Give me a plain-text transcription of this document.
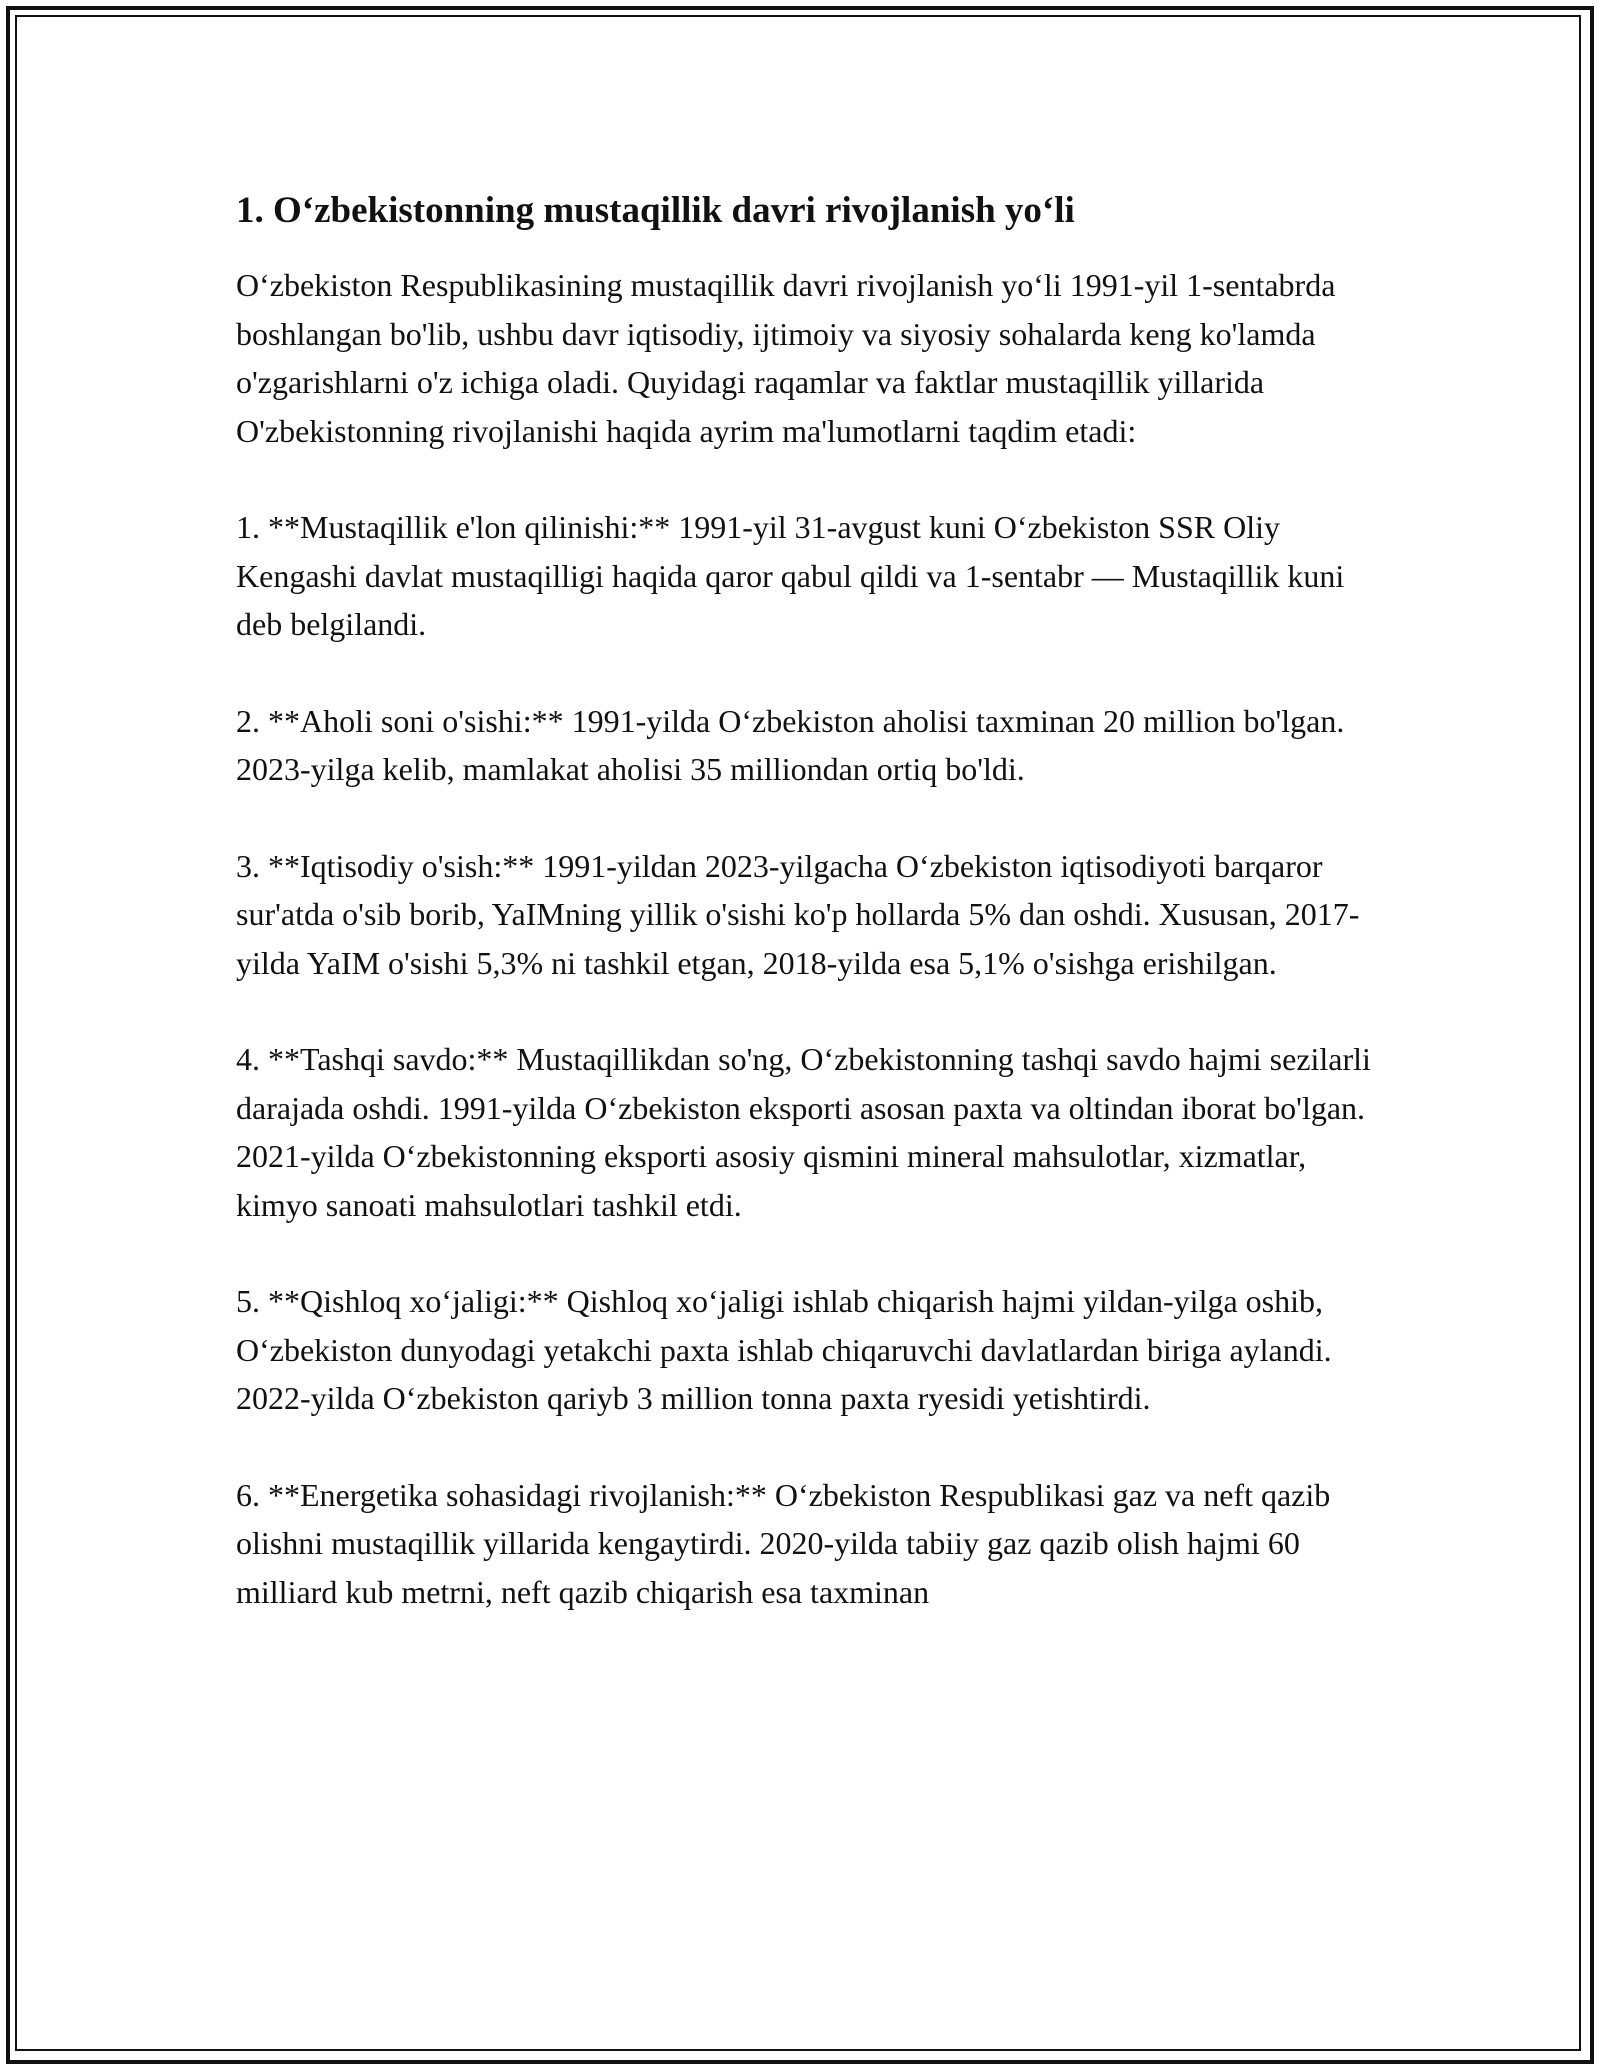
1. O‘zbekistonning mustaqillik davri rivojlanish yo‘li

O‘zbekiston Respublikasining mustaqillik davri rivojlanish yo‘li 1991-yil 1-sentabrda boshlangan bo'lib, ushbu davr iqtisodiy, ijtimoiy va siyosiy sohalarda keng ko'lamda o'zgarishlarni o'z ichiga oladi. Quyidagi raqamlar va faktlar mustaqillik yillarida O'zbekistonning rivojlanishi haqida ayrim ma'lumotlarni taqdim etadi:

1. **Mustaqillik e'lon qilinishi:** 1991-yil 31-avgust kuni O‘zbekiston SSR Oliy Kengashi davlat mustaqilligi haqida qaror qabul qildi va 1-sentabr — Mustaqillik kuni deb belgilandi.

2. **Aholi soni o'sishi:** 1991-yilda O‘zbekiston aholisi taxminan 20 million bo'lgan. 2023-yilga kelib, mamlakat aholisi 35 milliondan ortiq bo'ldi.

3. **Iqtisodiy o'sish:** 1991-yildan 2023-yilgacha O‘zbekiston iqtisodiyoti barqaror sur'atda o'sib borib, YaIMning yillik o'sishi ko'p hollarda 5% dan oshdi. Xususan, 2017-yilda YaIM o'sishi 5,3% ni tashkil etgan, 2018-yilda esa 5,1% o'sishga erishilgan.

4. **Tashqi savdo:** Mustaqillikdan so'ng, O‘zbekistonning tashqi savdo hajmi sezilarli darajada oshdi. 1991-yilda O‘zbekiston eksporti asosan paxta va oltindan iborat bo'lgan. 2021-yilda O‘zbekistonning eksporti asosiy qismini mineral mahsulotlar, xizmatlar, kimyo sanoati mahsulotlari tashkil etdi.

5. **Qishloq xo‘jaligi:** Qishloq xo‘jaligi ishlab chiqarish hajmi yildan-yilga oshib, O‘zbekiston dunyodagi yetakchi paxta ishlab chiqaruvchi davlatlardan biriga aylandi. 2022-yilda O‘zbekiston qariyb 3 million tonna paxta ryesidi yetishtirdi.

6. **Energetika sohasidagi rivojlanish:** O‘zbekiston Respublikasi gaz va neft qazib olishni mustaqillik yillarida kengaytirdi. 2020-yilda tabiiy gaz qazib olish hajmi 60 milliard kub metrni, neft qazib chiqarish esa taxminan
